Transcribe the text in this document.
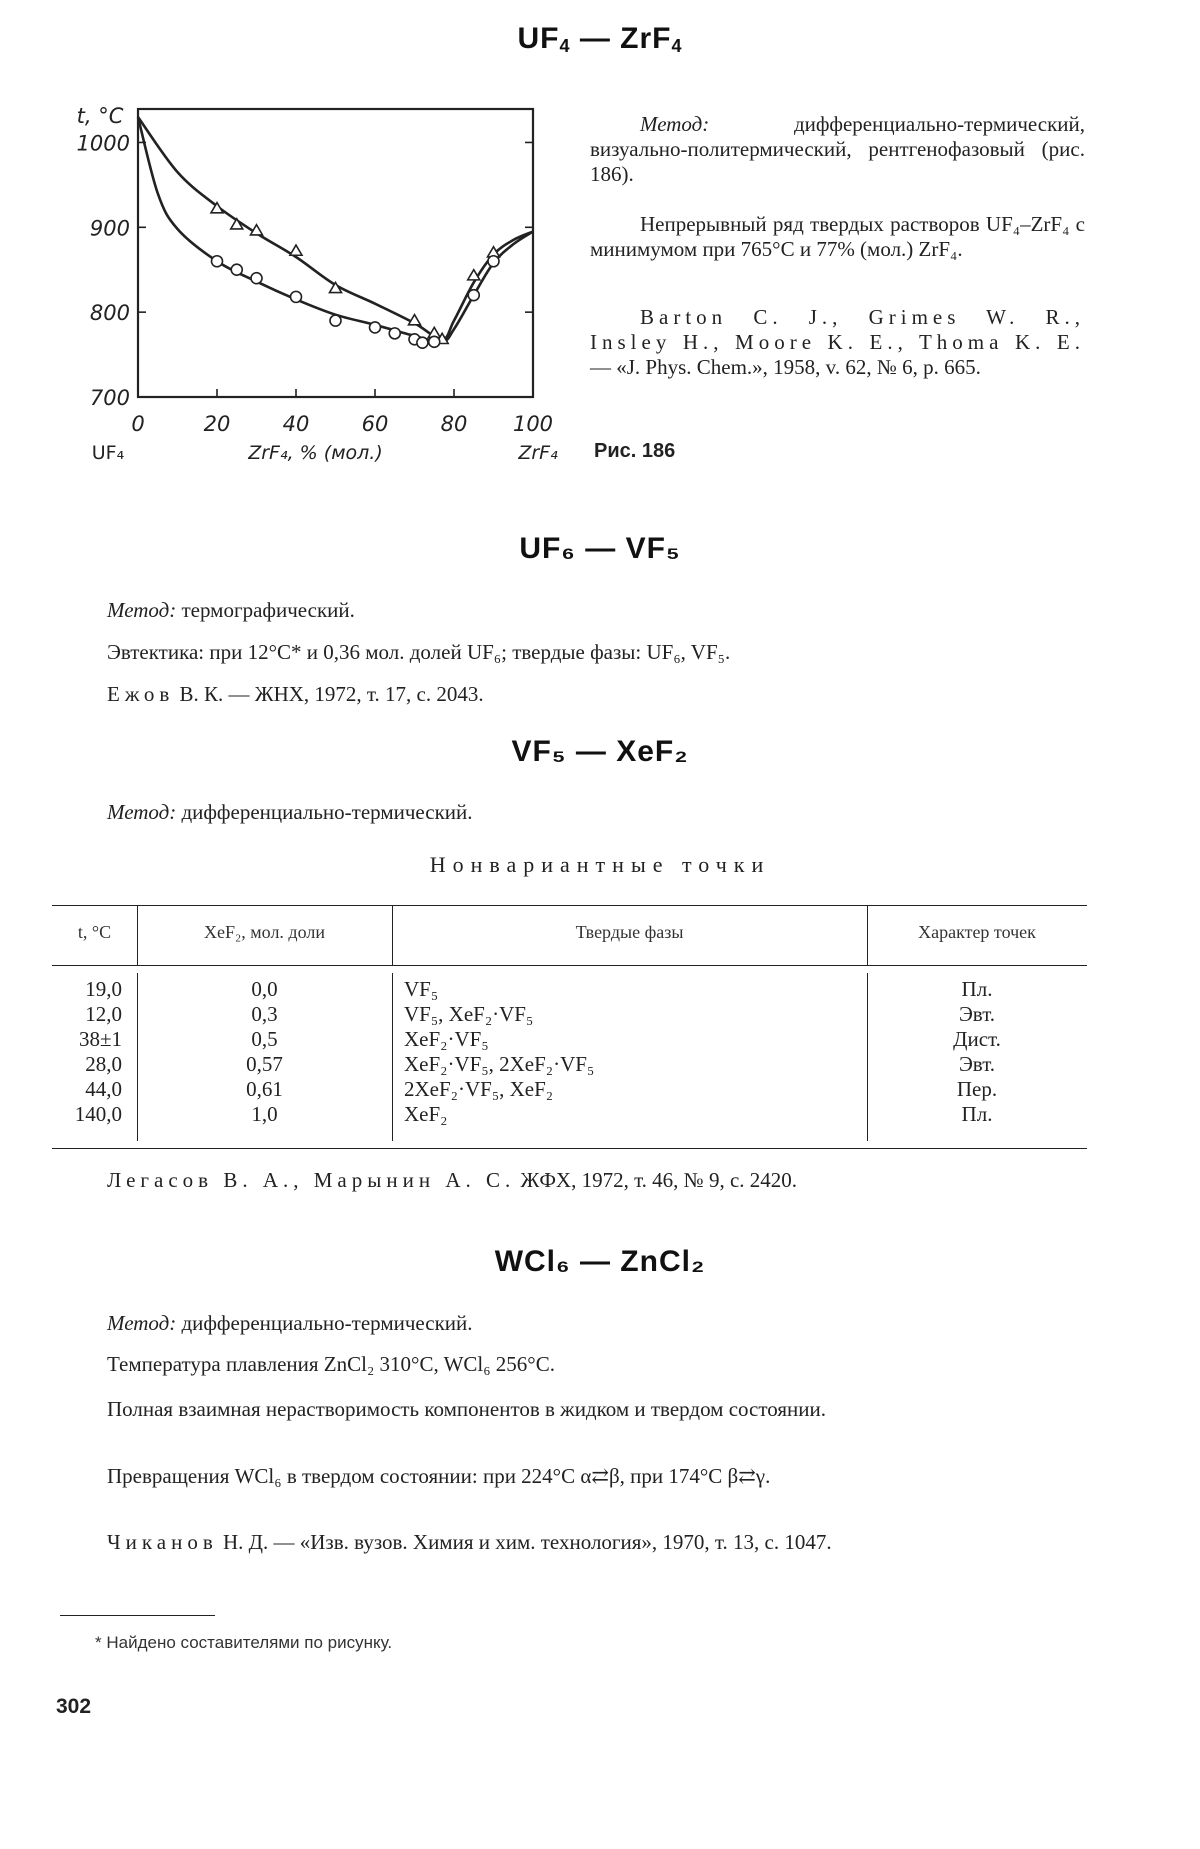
$UF_4$ — ZrF$_4$
700
800
900
1000
0	20 40 60 80 100
t, °C
ZrF₄, % (мол.)
UF₄	ZrF₄
Метод: дифференциально-термический, визуально-политермический, рентгенофазовый (рис. 186).
Непрерывный ряд твердых растворов UF₄–ZrF₄ с минимумом при 765°C и 77% (мол.) ZrF₄.
Barton C. J., Grimes W. R., Insley H., Moore K. E., Thoma K. E. — «J. Phys. Chem.», 1958, v. 62, № 6, p. 665.
Рис. 186
UF₆ — VF₅
Метод: термографический.
Эвтектика: при 12°C* и 0,36 мол. долей UF₆; твердые фазы: UF₆, VF₅.
Ежов В. К. — ЖНХ, 1972, т. 17, с. 2043.
VF₅ — XeF₂
Метод: дифференциально-термический.
Нонвариантные точки
t, °C	XeF₂, мол. доли	Твердые фазы	Характер точек
19,0	0,0	VF₅	Пл.
12,0	0,3	VF₅, XeF₂·VF₅	Эвт.
38±1	0,5	XeF₂·VF₅	Дист.
28,0	0,57	XeF₂·VF₅, 2XeF₂·VF₅	Эвт.
44,0	0,61	2XeF₂·VF₅, XeF₂	Пер.
140,0	1,0	XeF₂	Пл.
Легасов В. А., Марынин А. С. ЖФХ, 1972, т. 46, № 9, с. 2420.
WCl₆ — ZnCl₂
Метод: дифференциально-термический.
Температура плавления ZnCl₂ 310°C, WCl₆ 256°C.
Полная взаимная нерастворимость компонентов в жидком и твердом состоянии.
Превращения WCl₆ в твердом состоянии: при 224°C α⇄β, при 174°C β⇄γ.
Чиканов Н. Д. — «Изв. вузов. Химия и хим. технология», 1970, т. 13, с. 1047.
* Найдено составителями по рисунку.
302
